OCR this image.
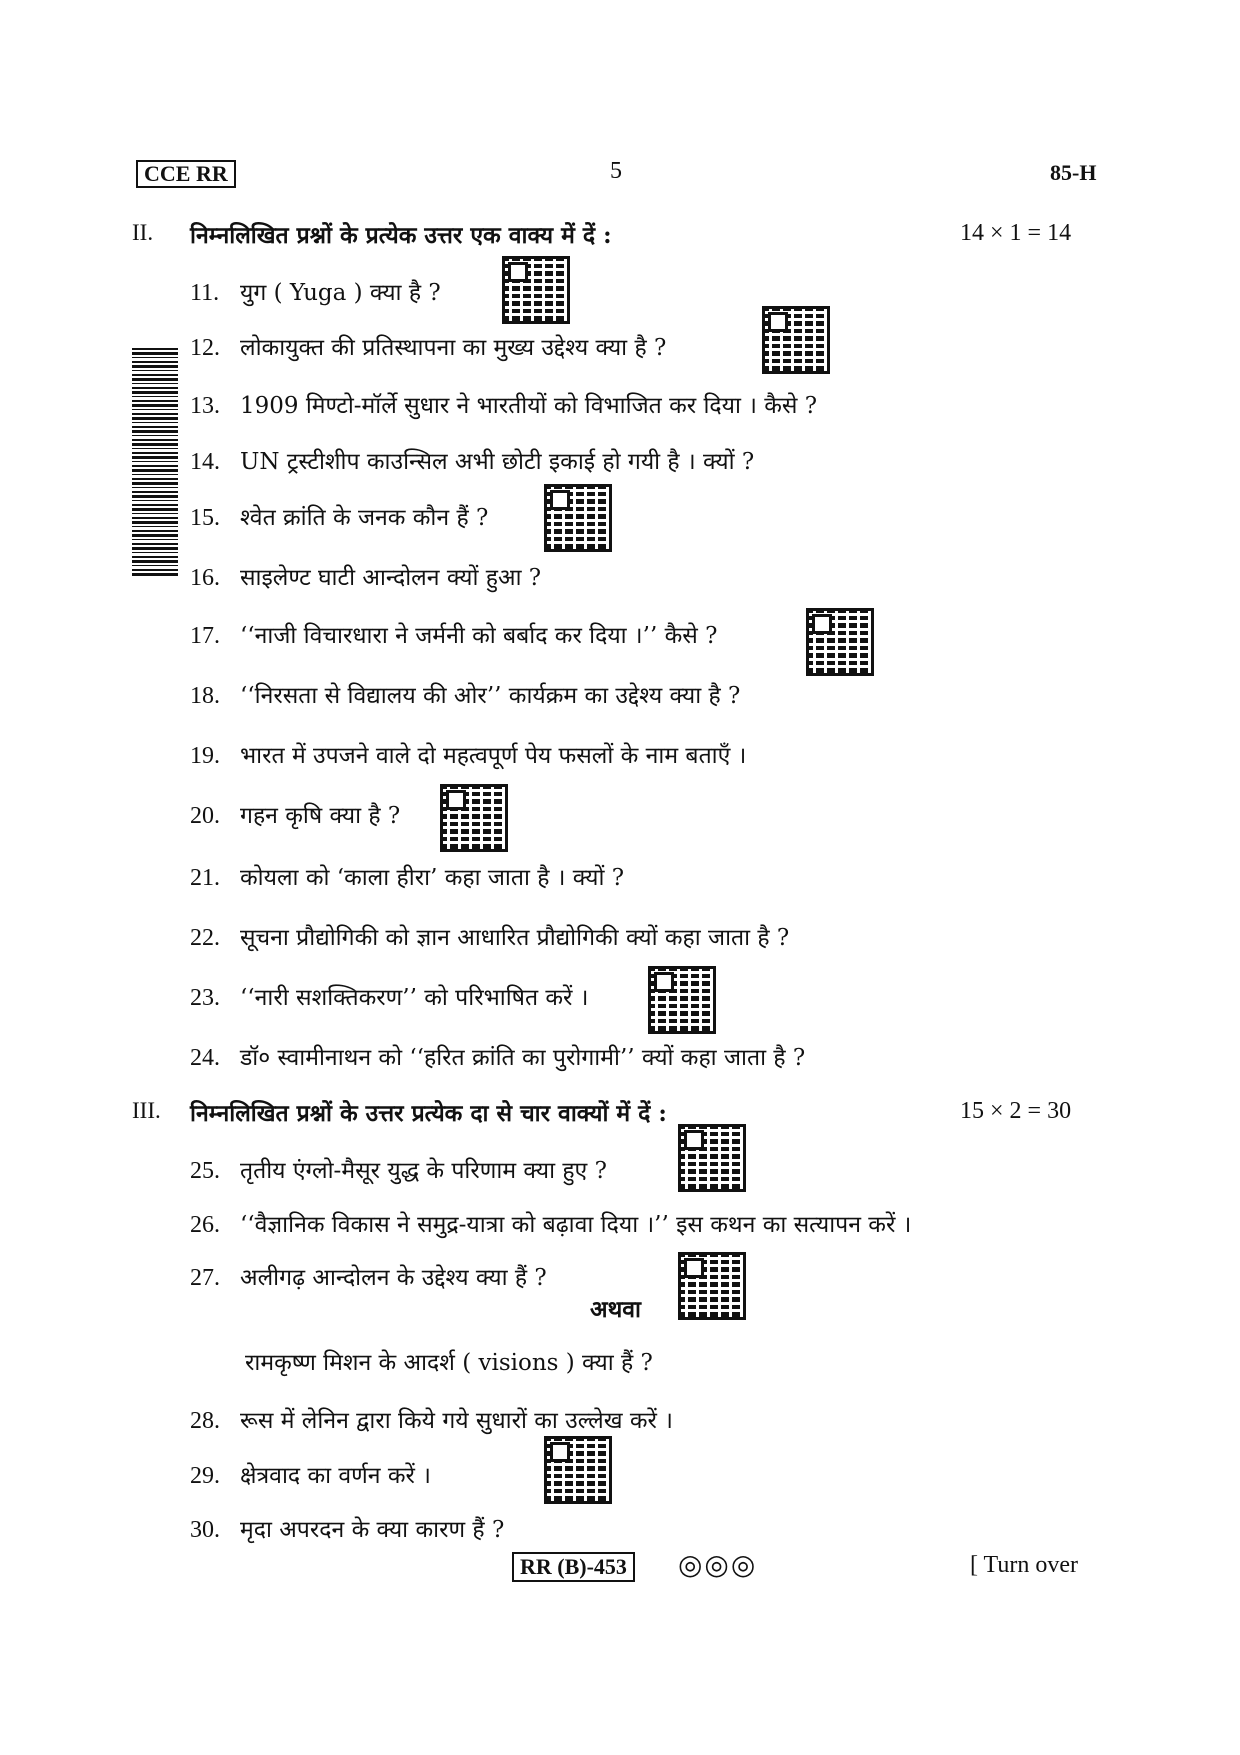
CCE RR	5	85-H
II. निम्नलिखित प्रश्नों के प्रत्येक उत्तर एक वाक्य में दें :	14 × 1 = 14
11. युग ( Yuga ) क्या है ?
12. लोकायुक्त की प्रतिस्थापना का मुख्य उद्देश्य क्या है ?
13. 1909 मिण्टो-मॉर्ले सुधार ने भारतीयों को विभाजित कर दिया । कैसे ?
14. UN ट्रस्टीशीप काउन्सिल अभी छोटी इकाई हो गयी है । क्यों ?
15. श्वेत क्रांति के जनक कौन हैं ?
16. साइलेण्ट घाटी आन्दोलन क्यों हुआ ?
17. ‘‘नाजी विचारधारा ने जर्मनी को बर्बाद कर दिया ।’’ कैसे ?
18. ‘‘निरसता से विद्यालय की ओर’’ कार्यक्रम का उद्देश्य क्या है ?
19. भारत में उपजने वाले दो महत्वपूर्ण पेय फसलों के नाम बताएँ ।
20. गहन कृषि क्या है ?
21. कोयला को ‘काला हीरा’ कहा जाता है । क्यों ?
22. सूचना प्रौद्योगिकी को ज्ञान आधारित प्रौद्योगिकी क्यों कहा जाता है ?
23. ‘‘नारी सशक्तिकरण’’ को परिभाषित करें ।
24. डॉ० स्वामीनाथन को ‘‘हरित क्रांति का पुरोगामी’’ क्यों कहा जाता है ?
III. निम्नलिखित प्रश्नों के उत्तर प्रत्येक दा से चार वाक्यों में दें :	15 × 2 = 30
25. तृतीय एंग्लो-मैसूर युद्ध के परिणाम क्या हुए ?
26. ‘‘वैज्ञानिक विकास ने समुद्र-यात्रा को बढ़ावा दिया ।’’ इस कथन का सत्यापन करें ।
27. अलीगढ़ आन्दोलन के उद्देश्य क्या हैं ?
अथवा
रामकृष्ण मिशन के आदर्श ( visions ) क्या हैं ?
28. रूस में लेनिन द्वारा किये गये सुधारों का उल्लेख करें ।
29. क्षेत्रवाद का वर्णन करें ।
30. मृदा अपरदन के क्या कारण हैं ?
RR (B)-453 ◎◎◎	[ Turn over
